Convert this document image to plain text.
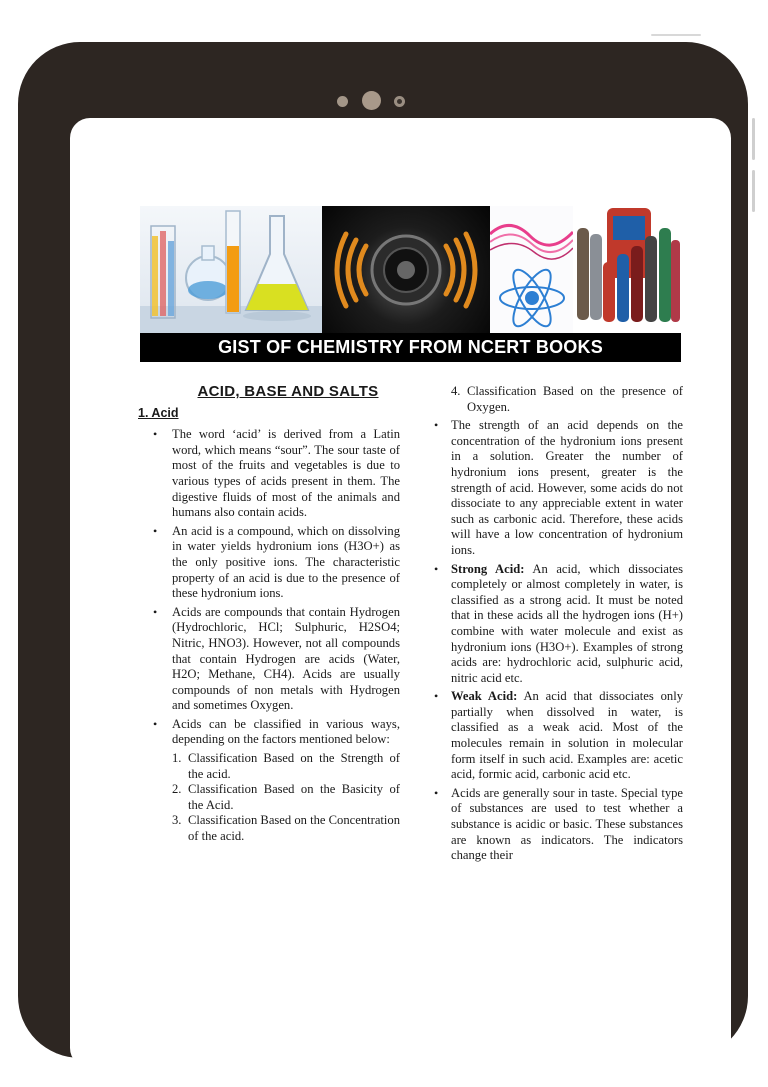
GIST OF CHEMISTRY FROM NCERT BOOKS
ACID, BASE AND SALTS
1. Acid
• The word ‘acid’ is derived from a Latin word, which means “sour”. The sour taste of most of the fruits and vegetables is due to various types of acids present in them. The digestive fluids of most of the animals and humans also contain acids.
• An acid is a compound, which on dissolving in water yields hydronium ions (H3O+) as the only positive ions. The characteristic property of an acid is due to the presence of these hydronium ions.
• Acids are compounds that contain Hydrogen (Hydrochloric, HCl; Sulphuric, H2SO4; Nitric, HNO3). However, not all compounds that contain Hydrogen are acids (Water, H2O; Methane, CH4). Acids are usually compounds of non metals with Hydrogen and sometimes Oxygen.
• Acids can be classified in various ways, depending on the factors mentioned below:
1. Classification Based on the Strength of the acid.
2. Classification Based on the Basicity of the Acid.
3. Classification Based on the Concentration of the acid.
4. Classification Based on the presence of Oxygen.
• The strength of an acid depends on the concentration of the hydronium ions present in a solution. Greater the number of hydronium ions present, greater is the strength of acid. However, some acids do not dissociate to any appreciable extent in water such as carbonic acid. Therefore, these acids will have a low concentration of hydronium ions.
• Strong Acid: An acid, which dissociates completely or almost completely in water, is classified as a strong acid. It must be noted that in these acids all the hydrogen ions (H+) combine with water molecule and exist as hydronium ions (H3O+). Examples of strong acids are: hydrochloric acid, sulphuric acid, nitric acid etc.
• Weak Acid: An acid that dissociates only partially when dissolved in water, is classified as a weak acid. Most of the molecules remain in solution in molecular form itself in such acid. Examples are: acetic acid, formic acid, carbonic acid etc.
• Acids are generally sour in taste. Special type of substances are used to test whether a substance is acidic or basic. These substances are known as indicators. The indicators change their
